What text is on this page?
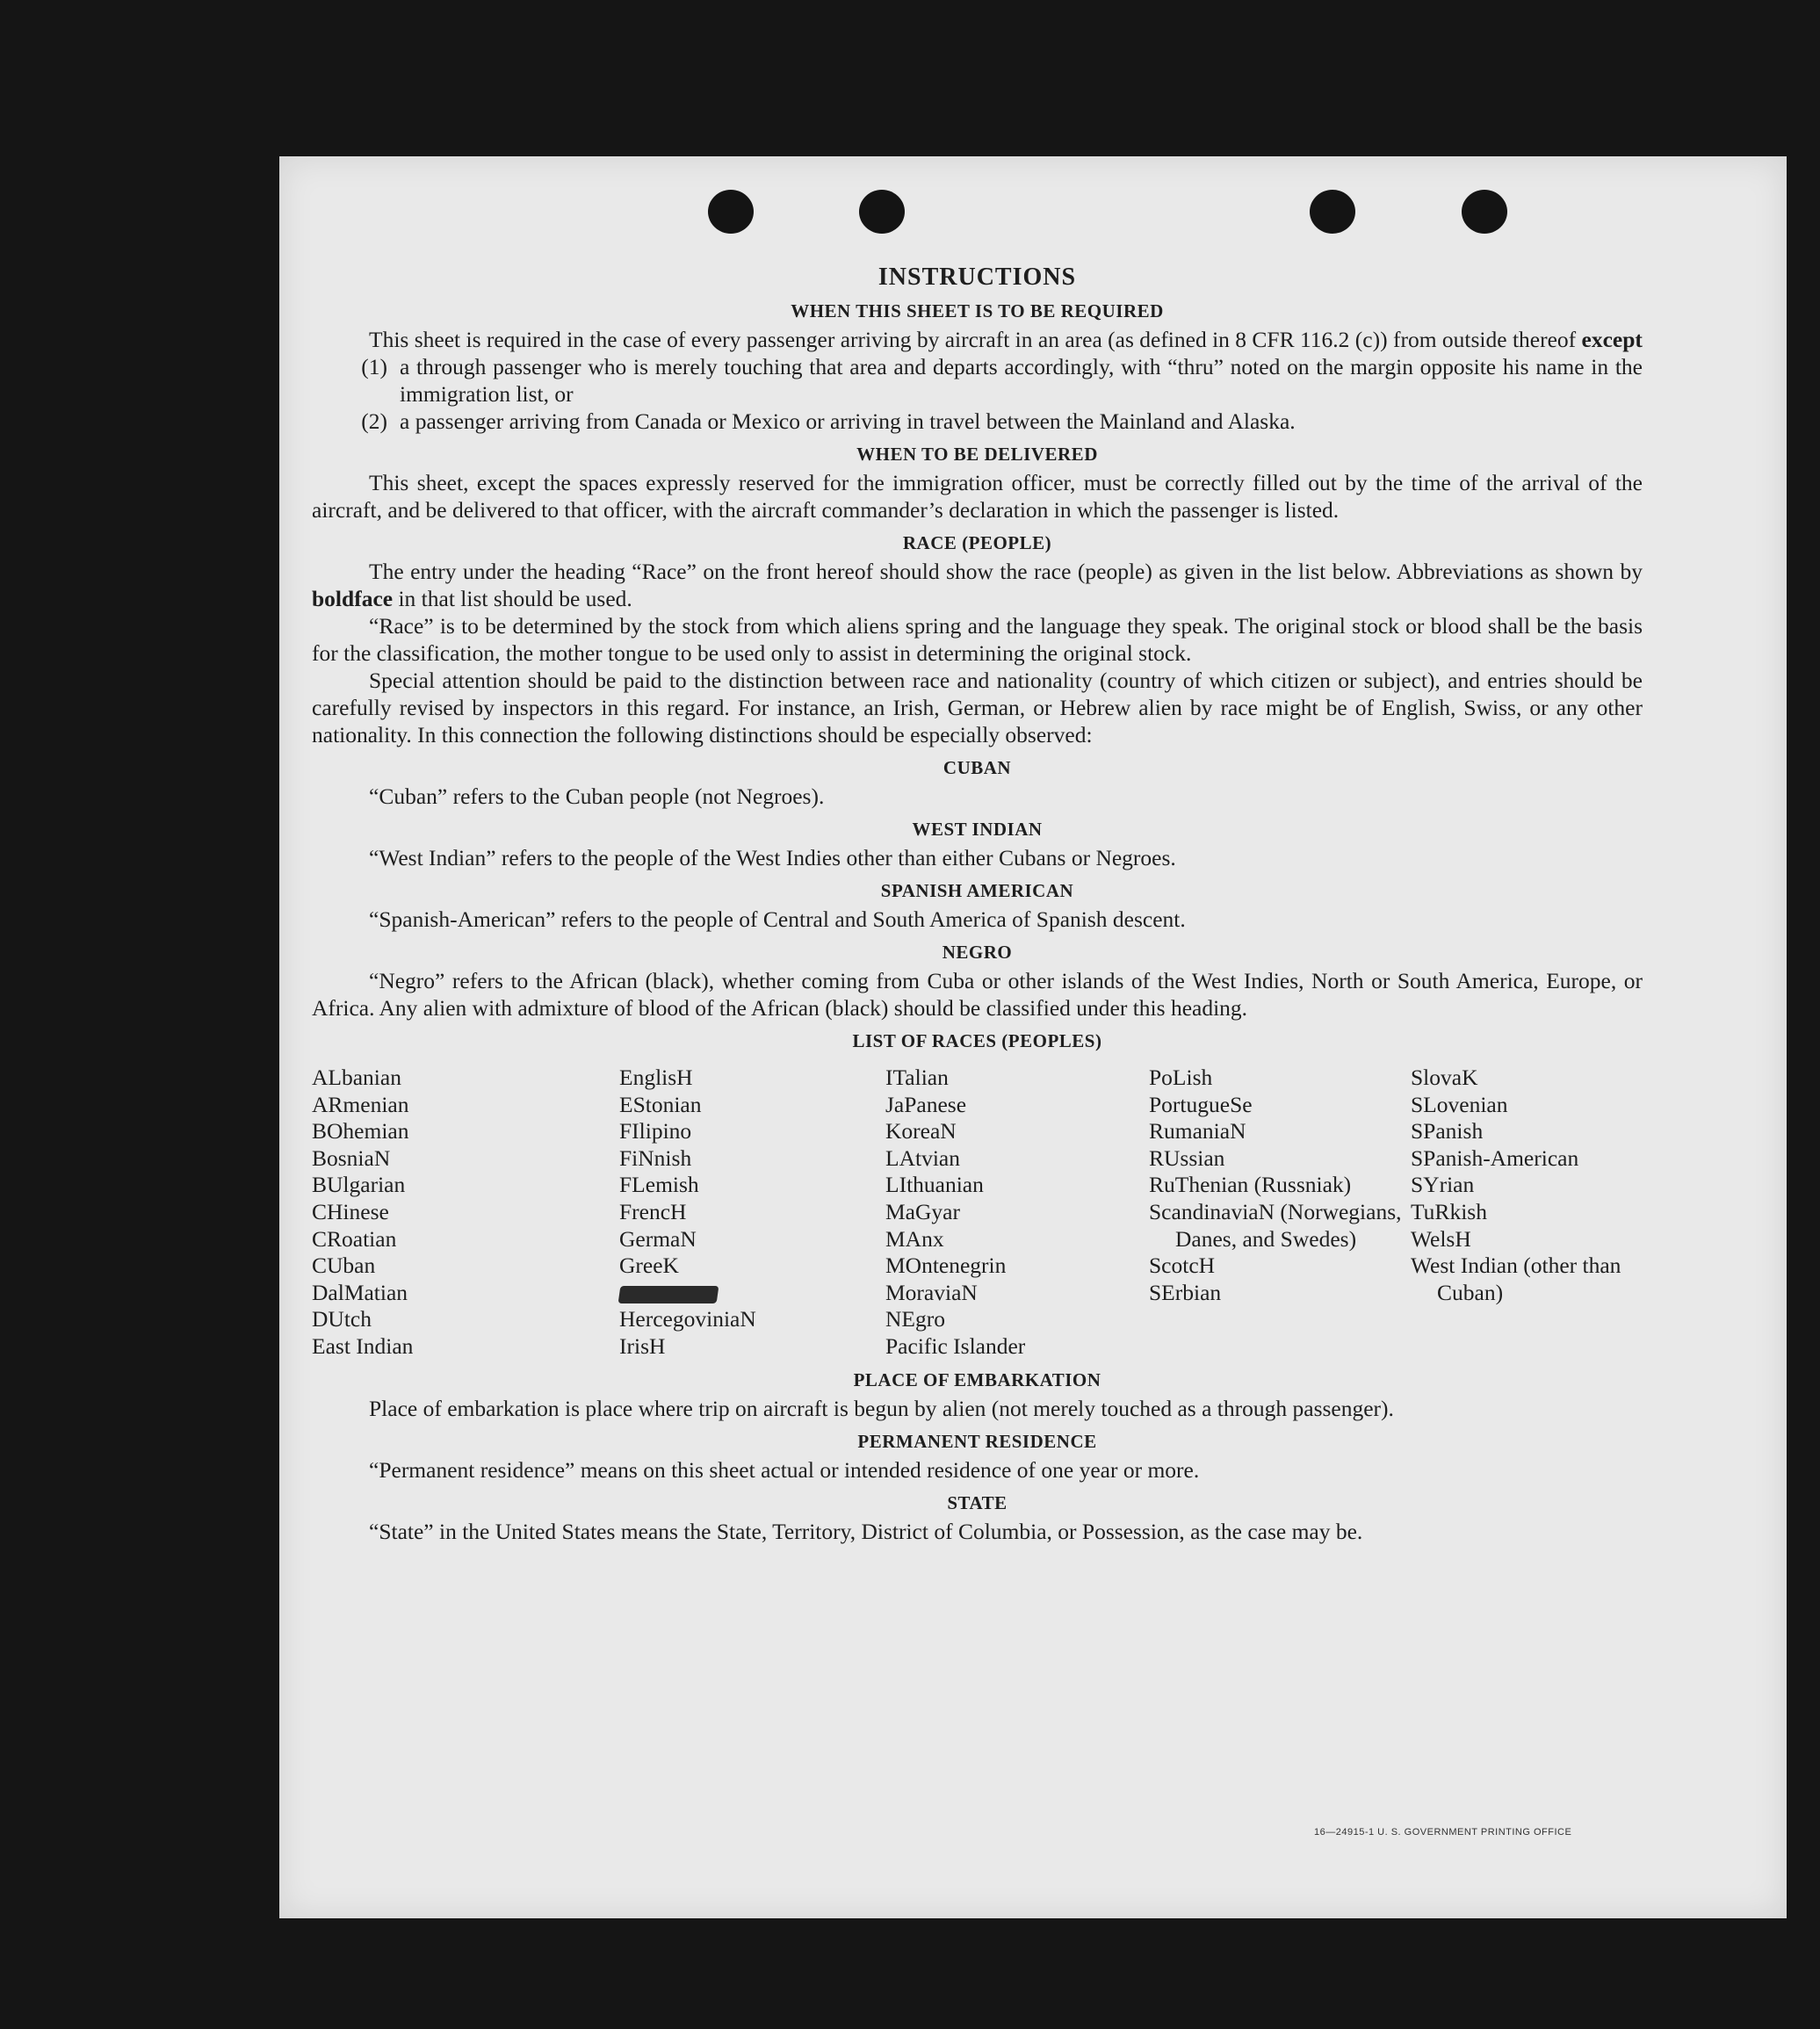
INSTRUCTIONS
WHEN THIS SHEET IS TO BE REQUIRED

This sheet is required in the case of every passenger arriving by aircraft in an area (as defined in 8 CFR 116.2 (c)) from outside thereof except

(1) a through passenger who is merely touching that area and departs accordingly, with “thru” noted on the margin opposite his name in the immigration list, or
(2) a passenger arriving from Canada or Mexico or arriving in travel between the Mainland and Alaska.
WHEN TO BE DELIVERED

This sheet, except the spaces expressly reserved for the immigration officer, must be correctly filled out by the time of the arrival of the aircraft, and be delivered to that officer, with the aircraft commander’s declaration in which the passenger is listed.

RACE (PEOPLE)

The entry under the heading “Race” on the front hereof should show the race (people) as given in the list below. Abbreviations as shown by boldface in that list should be used.

“Race” is to be determined by the stock from which aliens spring and the language they speak. The original stock or blood shall be the basis for the classification, the mother tongue to be used only to assist in determining the original stock.

Special attention should be paid to the distinction between race and nationality (country of which citizen or subject), and entries should be carefully revised by inspectors in this regard. For instance, an Irish, German, or Hebrew alien by race might be of English, Swiss, or any other nationality. In this connection the following distinctions should be especially observed:

CUBAN

“Cuban” refers to the Cuban people (not Negroes).

WEST INDIAN

“West Indian” refers to the people of the West Indies other than either Cubans or Negroes.

SPANISH AMERICAN

“Spanish-American” refers to the people of Central and South America of Spanish descent.

NEGRO

“Negro” refers to the African (black), whether coming from Cuba or other islands of the West Indies, North or South America, Europe, or Africa. Any alien with admixture of blood of the African (black) should be classified under this heading.

LIST OF RACES (PEOPLES)
ALbanian
ARmenian
BOhemian
BosniaN
BUlgarian
CHinese
CRoatian
CUban
DalMatian
DUtch
East Indian
EnglisH
EStonian
FIlipino
FiNnish
FLemish
FrencH
GermaN
GreeK
HercegoviniaN
IrisH
ITalian
JaPanese
KoreaN
LAtvian
LIthuanian
MaGyar
MAnx
MOntenegrin
MoraviaN
NEgro
Pacific Islander
PoLish
PortugueSe
RumaniaN
RUssian
RuThenian (Russniak)
ScandinaviaN (Norwegians, Danes, and Swedes)
ScotcH
SErbian
SlovaK
SLovenian
SPanish
SPanish-American
SYrian
TuRkish
WelsH
West Indian (other than Cuban)
PLACE OF EMBARKATION

Place of embarkation is place where trip on aircraft is begun by alien (not merely touched as a through passenger).

PERMANENT RESIDENCE

“Permanent residence” means on this sheet actual or intended residence of one year or more.

STATE

“State” in the United States means the State, Territory, District of Columbia, or Possession, as the case may be.

16—24915-1 U. S. GOVERNMENT PRINTING OFFICE
